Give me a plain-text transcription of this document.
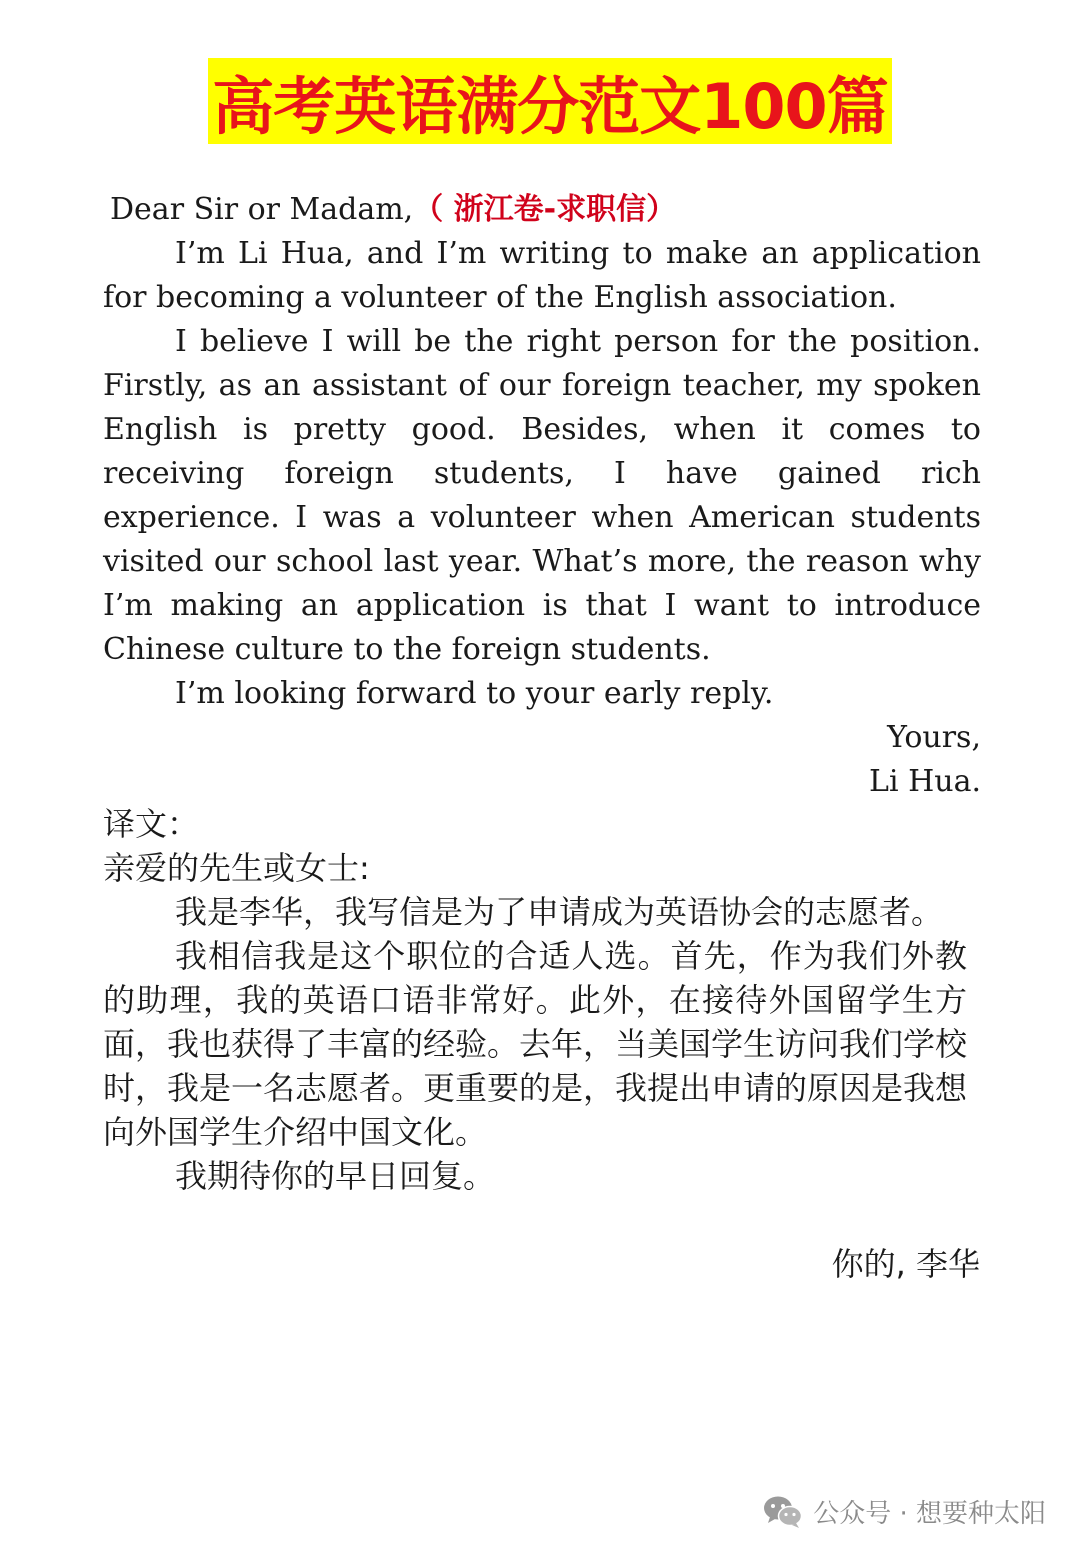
高考英语满分范文100篇
Dear Sir or Madam,（ 浙江卷-求职信）

I’m Li Hua, and I’m writing to make an application for becoming a volunteer of the English association.

I believe I will be the right person for the position. Firstly, as an assistant of our foreign teacher, my spoken English is pretty good. Besides, when it comes to receiving foreign students, I have gained rich experience. I was a volunteer when American students visited our school last year. What’s more, the reason why I’m making an application is that I want to introduce Chinese culture to the foreign students.

I’m looking forward to your early reply.

Yours,

Li Hua.

译文：

亲爱的先生或女士:

我是李华，我写信是为了申请成为英语协会的志愿者。

我相信我是这个职位的合适人选。首先，作为我们外教的助理，我的英语口语非常好。此外，在接待外国留学生方面，我也获得了丰富的经验。去年，当美国学生访问我们学校时，我是一名志愿者。更重要的是，我提出申请的原因是我想向外国学生介绍中国文化。

我期待你的早日回复。

你的, 李华
公众号 · 想要种太阳
